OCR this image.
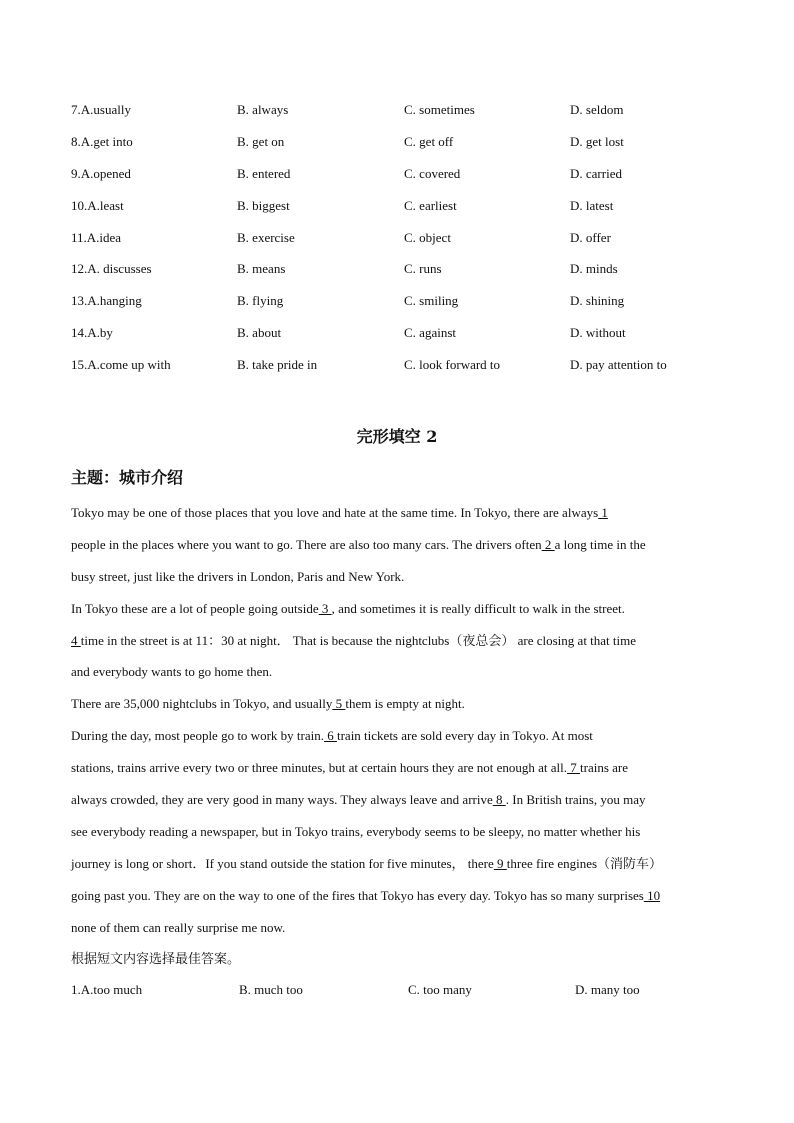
7.A.usually	B. always	C. sometimes	D. seldom
8.A.get into	B. get on	C. get off	D. get lost
9.A.opened	B. entered	C. covered	D. carried
10.A.least	B. biggest	C. earliest	D. latest
11.A.idea	B. exercise	C. object	D. offer
12.A. discusses	B. means	C. runs	D. minds
13.A.hanging	B. flying	C. smiling	D. shining
14.A.by	B. about	C. against	D. without
15.A.come up with	B. take pride in	C. look forward to	D. pay attention to
完形填空 2
主题：城市介绍
Tokyo may be one of those places that you love and hate at the same time. In Tokyo, there are always 1
people in the places where you want to go. There are also too many cars. The drivers often 2 a long time in the
busy street, just like the drivers in London, Paris and New York.
In Tokyo these are a lot of people going outside 3 , and sometimes it is really difficult to walk in the street.
4 time in the street is at 11：30 at night． That is because the nightclubs（夜总会） are closing at that time
and everybody wants to go home then.
There are 35,000 nightclubs in Tokyo, and usually 5 them is empty at night.
During the day, most people go to work by train. 6 train tickets are sold every day in Tokyo. At most
stations, trains arrive every two or three minutes, but at certain hours they are not enough at all. 7 trains are
always crowded, they are very good in many ways. They always leave and arrive 8 . In British trains, you may
see everybody reading a newspaper, but in Tokyo trains, everybody seems to be sleepy, no matter whether his
journey is long or short．If you stand outside the station for five minutes， there 9 three fire engines（消防车）
going past you. They are on the way to one of the fires that Tokyo has every day. Tokyo has so many surprises 10
none of them can really surprise me now.
根据短文内容选择最佳答案。
1.A.too much	B. much too	C. too many	D. many too
